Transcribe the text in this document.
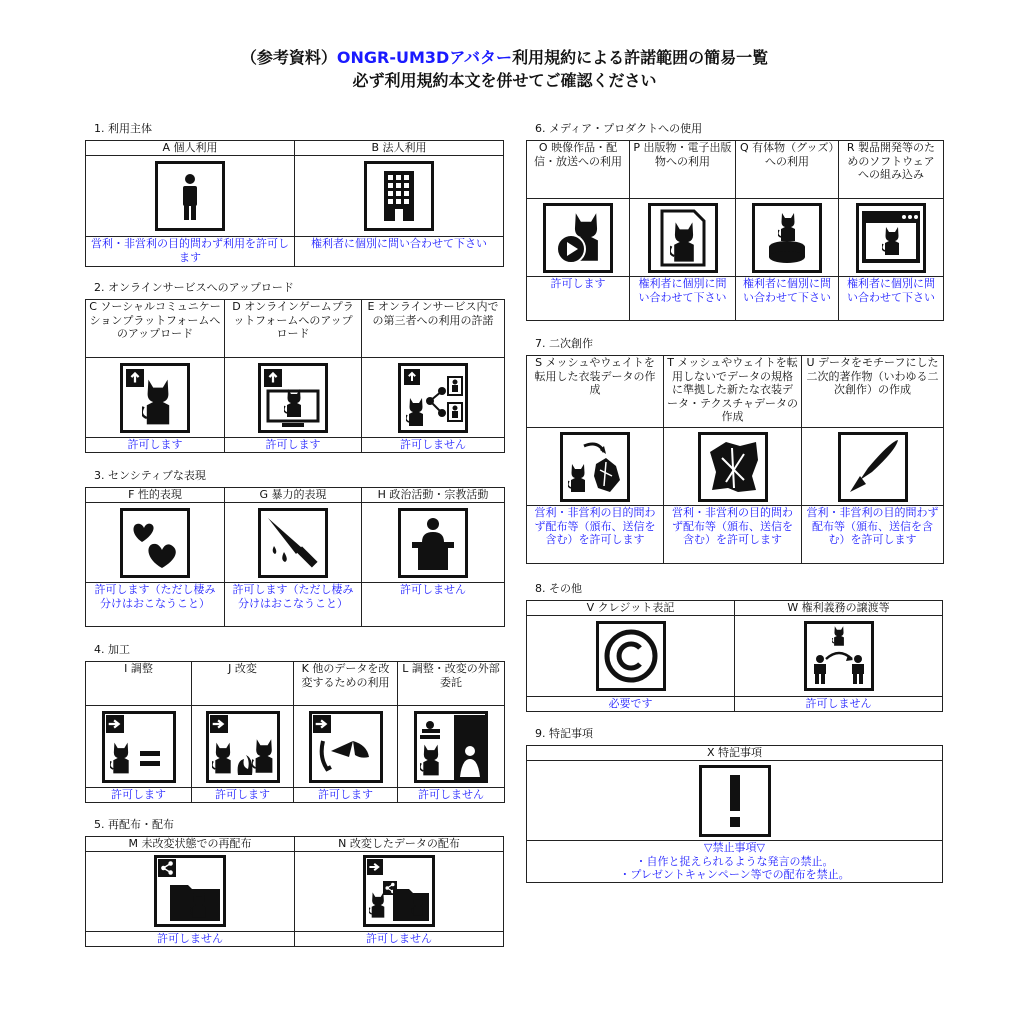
（参考資料）ONGR-UM3Dアバター利用規約による許諾範囲の簡易一覧
必ず利用規約本文を併せてご確認ください
1. 利用主体
A 個人利用	B 法人利用

営利・非営利の目的問わず利用を許可します	権利者に個別に問い合わせて下さい
2. オンラインサービスへのアップロード
C ソーシャルコミュニケーションプラットフォームへのアップロード	D オンラインゲームプラットフォームへのアップロード	E オンラインサービス内での第三者への利用の許諾

許可します	許可します	許可しません
3. センシティブな表現
F 性的表現	G 暴力的表現	H 政治活動・宗教活動

許可します（ただし棲み分けはおこなうこと）	許可します（ただし棲み分けはおこなうこと）	許可しません
4. 加工
I 調整	J 改変	K 他のデータを改変するための利用	L 調整・改変の外部委託

許可します	許可します	許可します	許可しません
5. 再配布・配布
M 未改変状態での再配布	N 改変したデータの配布

許可しません	許可しません
6. メディア・プロダクトへの使用
O 映像作品・配信・放送への利用	P 出版物・電子出版物への利用	Q 有体物（グッズ）への利用	R 製品開発等のためのソフトウェアへの組み込み

許可します	権利者に個別に問い合わせて下さい	権利者に個別に問い合わせて下さい	権利者に個別に問い合わせて下さい
7. 二次創作
S メッシュやウェイトを転用した衣装データの作成	T メッシュやウェイトを転用しないでデータの規格に準拠した新たな衣装データ・テクスチャデータの作成	U データをモチーフにした二次的著作物（いわゆる二次創作）の作成

営利・非営利の目的問わず配布等（頒布、送信を含む）を許可します	営利・非営利の目的問わず配布等（頒布、送信を含む）を許可します	営利・非営利の目的問わず配布等（頒布、送信を含む）を許可します
8. その他
V クレジット表記	W 権利義務の譲渡等

必要です	許可しません
9. 特記事項
X 特記事項

▽禁止事項▽
・自作と捉えられるような発言の禁止。
・プレゼントキャンペーン等での配布を禁止。
